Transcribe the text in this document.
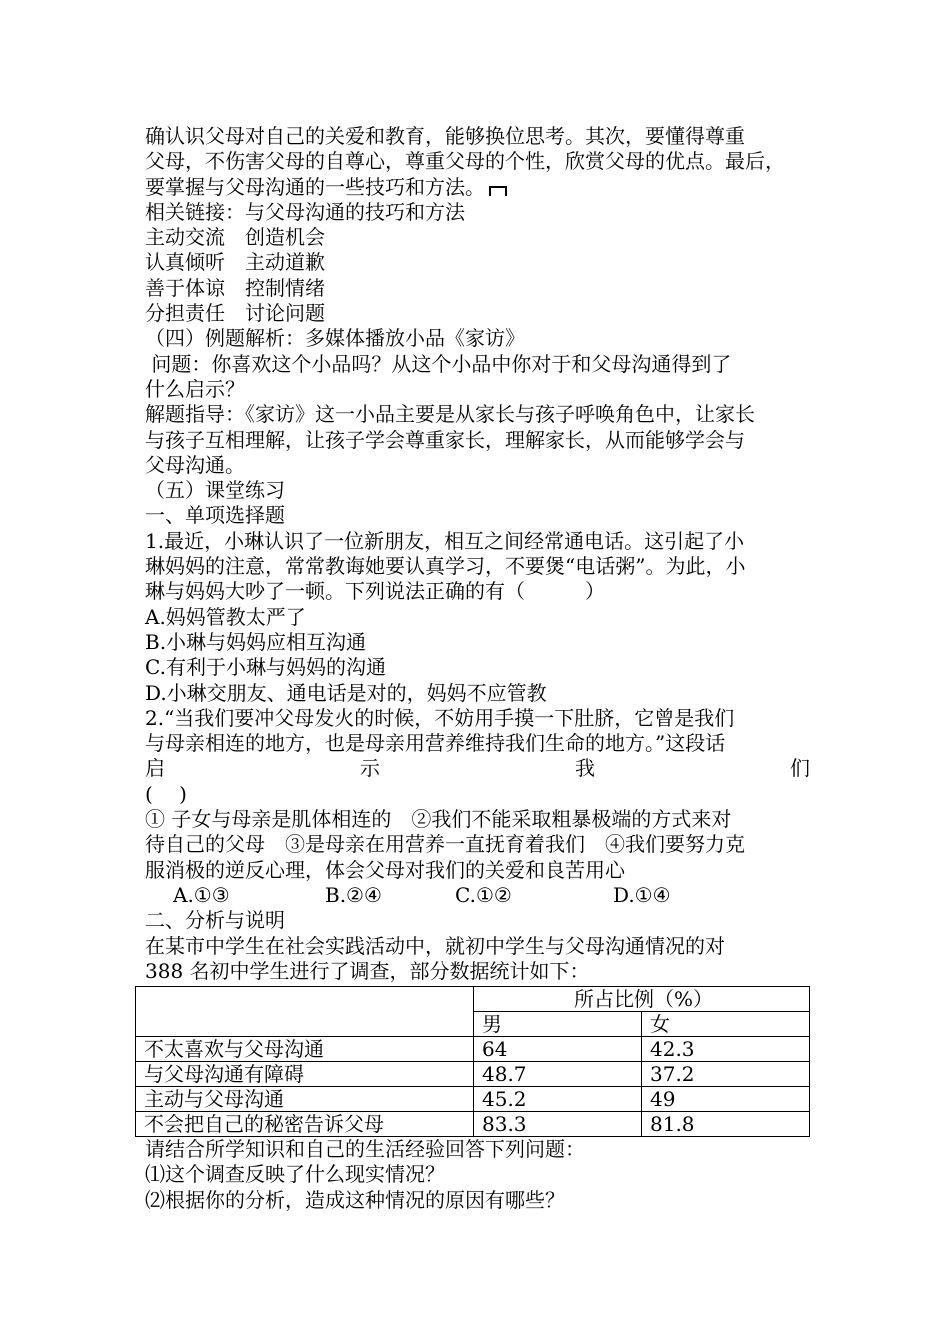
确认识父母对自己的关爱和教育，能够换位思考。其次，要懂得尊重
父母，不伤害父母的自尊心，尊重父母的个性，欣赏父母的优点。最后，
要掌握与父母沟通的一些技巧和方法。
相关链接：与父母沟通的技巧和方法
主动交流　创造机会
认真倾听　主动道歉
善于体谅　控制情绪
分担责任　讨论问题
（四）例题解析：多媒体播放小品《家访》
问题：你喜欢这个小品吗？从这个小品中你对于和父母沟通得到了
什么启示？
解题指导：《家访》这一小品主要是从家长与孩子呼唤角色中，让家长
与孩子互相理解，让孩子学会尊重家长，理解家长，从而能够学会与
父母沟通。
（五）课堂练习
一、单项选择题
1.最近，小琳认识了一位新朋友，相互之间经常通电话。这引起了小
琳妈妈的注意，常常教诲她要认真学习，不要煲“电话粥”。为此，小
琳与妈妈大吵了一顿。下列说法正确的有（　　　）
A.妈妈管教太严了
B.小琳与妈妈应相互沟通
C.有利于小琳与妈妈的沟通
D.小琳交朋友、通电话是对的，妈妈不应管教
2.“当我们要冲父母发火的时候，不妨用手摸一下肚脐，它曾是我们
与母亲相连的地方，也是母亲用营养维持我们生命的地方。”这段话
启	示	我	们
(　 )
① 子女与母亲是肌体相连的　②我们不能采取粗暴极端的方式来对
待自己的父母　③是母亲在用营养一直抚育着我们　④我们要努力克
服消极的逆反心理，体会父母对我们的关爱和良苦用心
A.①③	B.②④	C.①②	D.①④
二、分析与说明
在某市中学生在社会实践活动中，就初中学生与父母沟通情况的对
388 名初中学生进行了调查，部分数据统计如下：
	所占比例（%）	
	男	女
不太喜欢与父母沟通	64	42.3
与父母沟通有障碍	48.7	37.2
主动与父母沟通	45.2	49
不会把自己的秘密告诉父母	83.3	81.8
请结合所学知识和自己的生活经验回答下列问题：
⑴这个调查反映了什么现实情况？
⑵根据你的分析，造成这种情况的原因有哪些？
